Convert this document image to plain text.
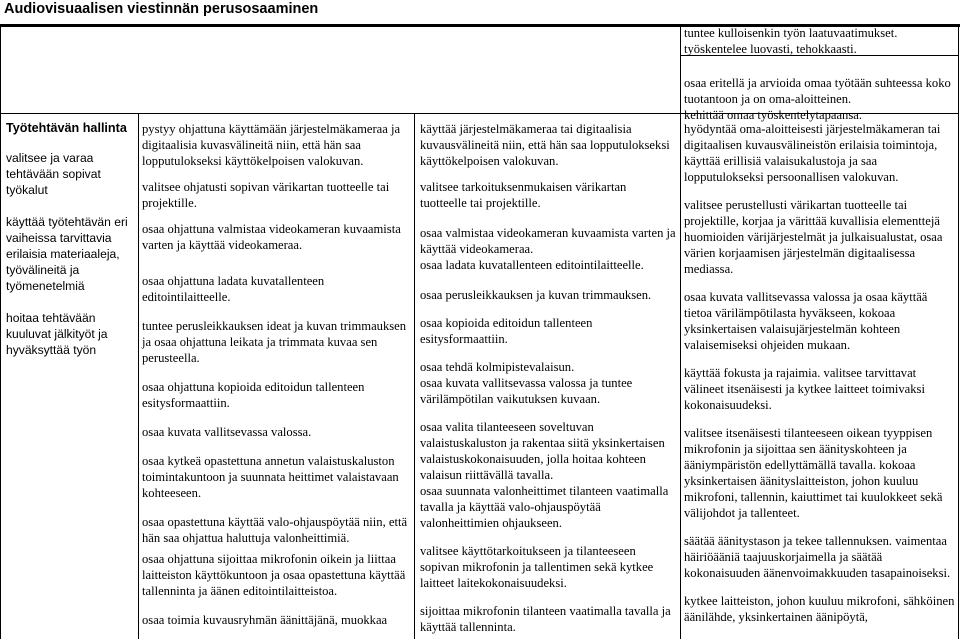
Audiovisuaalisen viestinnän perusosaaminen
tuntee kulloisenkin työn laatuvaatimukset.
työskentelee luovasti, tehokkaasti.
Työtehtävän hallinta

valitsee ja varaa tehtävään sopivat työkalut

käyttää työtehtävän eri vaiheissa tarvittavia erilaisia materiaaleja, työvälineitä ja työmenetelmiä

hoitaa tehtävään kuuluvat jälkityöt ja hyväksyttää työn

pystyy ohjattuna käyttämään järjestelmäkameraa ja digitaalisia kuvasvälineitä niin, että hän saa lopputulokseksi käyttökelpoisen valokuvan.

valitsee ohjatusti sopivan värikartan tuotteelle tai projektille.

osaa ohjattuna valmistaa videokameran kuvaamista varten ja käyttää videokameraa.

osaa ohjattuna ladata kuvatallenteen editointilaitteelle.

tuntee perusleikkauksen ideat ja kuvan trimmauksen ja osaa ohjattuna leikata ja trimmata kuvaa sen perusteella.

osaa ohjattuna kopioida editoidun tallenteen esitysformaattiin.

osaa kuvata vallitsevassa valossa.

osaa kytkeä opastettuna annetun valaistuskaluston toimintakuntoon ja suunnata heittimet valaistavaan kohteeseen.

osaa opastettuna käyttää valo-ohjauspöytää niin, että hän saa ohjattua haluttuja valonheittimiä.

osaa ohjattuna sijoittaa mikrofonin oikein ja liittaa laitteiston käyttökuntoon ja osaa opastettuna käyttää tallenninta ja äänen editointilaitteistoa.

osaa toimia kuvausryhmän äänittäjänä, muokkaa

käyttää järjestelmäkameraa tai digitaalisia kuvausvälineitä niin, että hän saa lopputulokseksi käyttökelpoisen valokuvan.

valitsee tarkoituksenmukaisen värikartan tuotteelle tai projektille.

osaa valmistaa videokameran kuvaamista varten ja käyttää videokameraa.

osaa ladata kuvatallenteen editointilaitteelle.

osaa perusleikkauksen ja kuvan trimmauksen.

osaa kopioida editoidun tallenteen esitysformaattiin.

osaa tehdä kolmipistevalaisun.

osaa kuvata vallitsevassa valossa ja tuntee värilämpötilan vaikutuksen kuvaan.

osaa valita tilanteeseen soveltuvan valaistuskaluston ja rakentaa siitä yksinkertaisen valaistuskokonaisuuden, jolla hoitaa kohteen valaisun riittävällä tavalla.

osaa suunnata valonheittimet tilanteen vaatimalla tavalla ja käyttää valo-ohjauspöytää valonheittimien ohjaukseen.

valitsee käyttötarkoitukseen ja tilanteeseen sopivan mikrofonin ja tallentimen sekä kytkee laitteet laitekokonaisuudeksi.

sijoittaa mikrofonin tilanteen vaatimalla tavalla ja käyttää tallenninta.

osaa eritellä ja arvioida omaa työtään suhteessa koko tuotantoon ja on oma-aloitteinen.
kehittää omaa työskentelytapaansa.

hyödyntää oma-aloitteisesti järjestelmäkameran tai digitaalisen kuvausvälineistön erilaisia toimintoja, käyttää erillisiä valaisukalustoja ja saa lopputulokseksi persoonallisen valokuvan.

valitsee perustellusti värikartan tuotteelle tai projektille, korjaa ja värittää kuvallisia elementtejä huomioiden värijärjestelmät ja julkaisualustat, osaa värien korjaamisen järjestelmän digitaalisessa mediassa.

osaa kuvata vallitsevassa valossa ja osaa käyttää tietoa värilämpötilasta hyväkseen, kokoaa yksinkertaisen valaisujärjestelmän kohteen valaisemiseksi ohjeiden mukaan.

käyttää fokusta ja rajaimia. valitsee tarvittavat välineet itsenäisesti ja kytkee laitteet toimivaksi kokonaisuudeksi.

valitsee itsenäisesti tilanteeseen oikean tyyppisen mikrofonin ja sijoittaa sen äänityskohteen ja ääniympäristön edellyttämällä tavalla. kokoaa yksinkertaisen äänityslaitteiston, johon kuuluu mikrofoni, tallennin, kaiuttimet tai kuulokkeet sekä välijohdot ja tallenteet.

säätää äänitystason ja tekee tallennuksen. vaimentaa häiriöääniä taajuuskorjaimella ja säätää kokonaisuuden äänenvoimakkuuden tasapainoiseksi.

kytkee laitteiston, johon kuuluu mikrofoni, sähköinen äänilähde, yksinkertainen äänipöytä,
